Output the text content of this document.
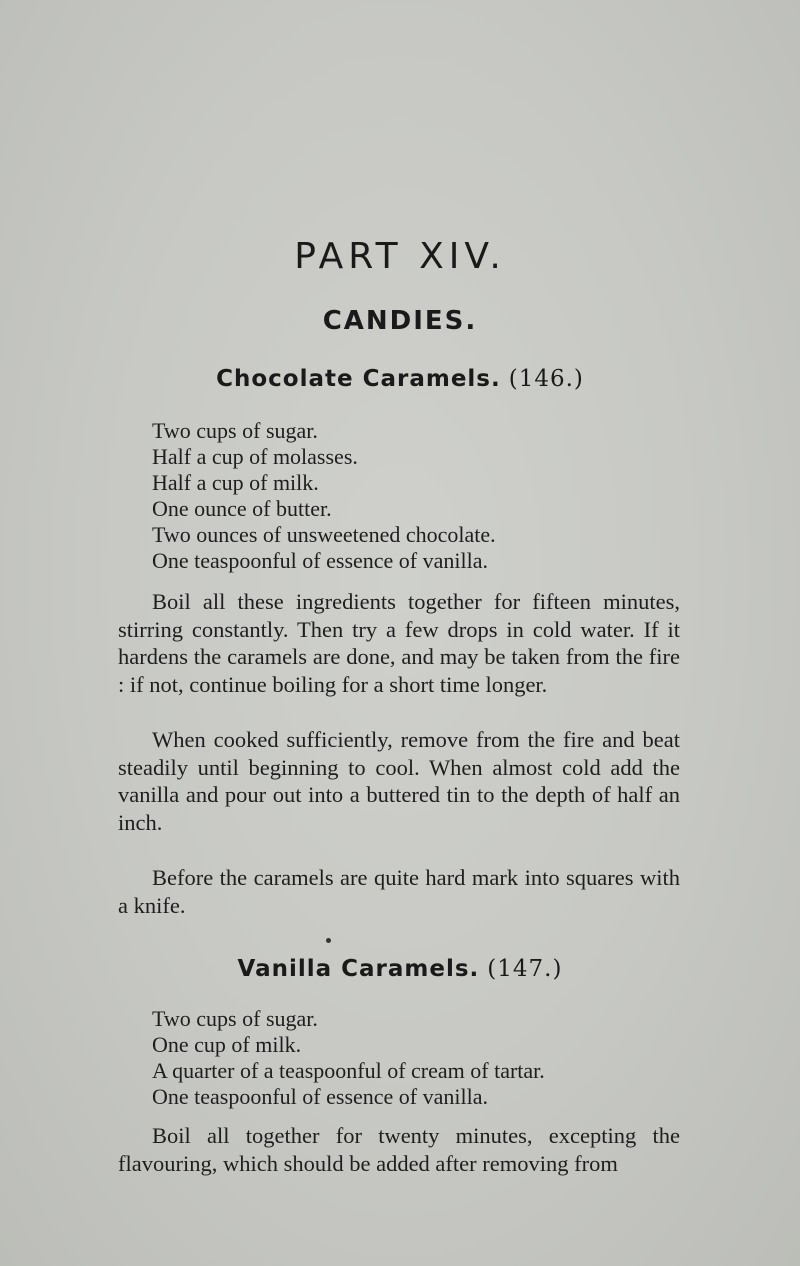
PART XIV.
CANDIES.
Chocolate Caramels. (146.)
Two cups of sugar.
Half a cup of molasses.
Half a cup of milk.
One ounce of butter.
Two ounces of unsweetened chocolate.
One teaspoonful of essence of vanilla.

Boil all these ingredients together for fifteen minutes, stirring constantly. Then try a few drops in cold water. If it hardens the caramels are done, and may be taken from the fire : if not, continue boiling for a short time longer.

When cooked sufficiently, remove from the fire and beat steadily until beginning to cool. When almost cold add the vanilla and pour out into a buttered tin to the depth of half an inch.

Before the caramels are quite hard mark into squares with a knife.

Vanilla Caramels. (147.)
Two cups of sugar.
One cup of milk.
A quarter of a teaspoonful of cream of tartar.
One teaspoonful of essence of vanilla.

Boil all together for twenty minutes, excepting the flavouring, which should be added after removing from
